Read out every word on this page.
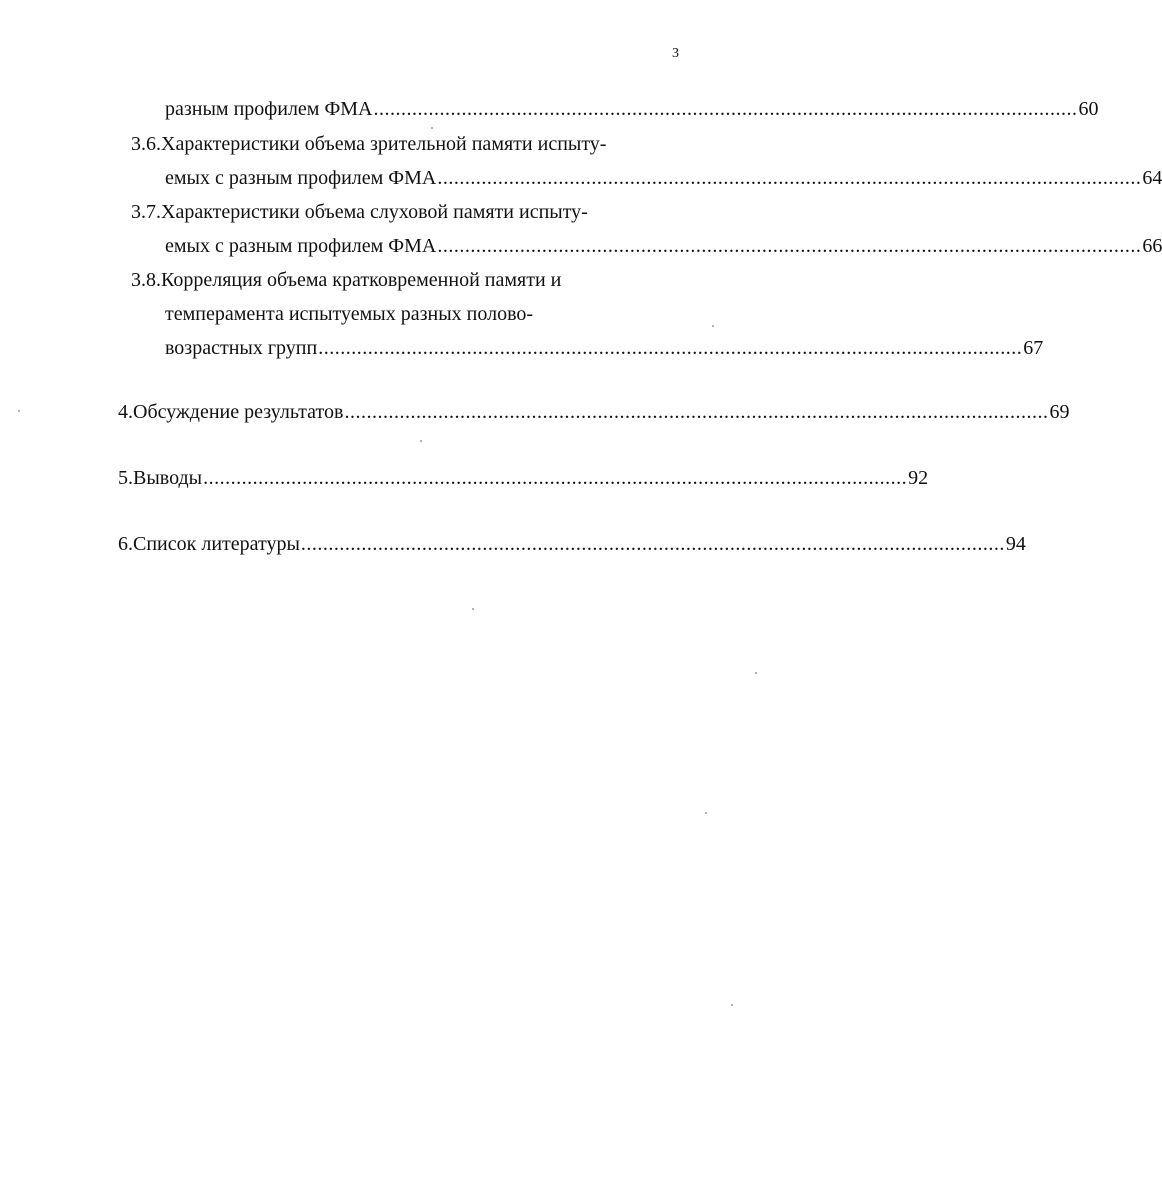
3
разным профилем ФМА ................................................................................................................................ 60
3.6.Характеристики объема зрительной памяти испыту-
емых с разным профилем ФМА ................................................................................................................................ 64
3.7.Характеристики объема слуховой памяти испыту-
емых с разным профилем ФМА ................................................................................................................................ 66
3.8.Корреляция объема кратковременной памяти и
темперамента испытуемых разных полово-
возрастных групп ................................................................................................................................ 67
4.Обсуждение результатов ................................................................................................................................ 69
5.Выводы ................................................................................................................................ 92
6.Список литературы ................................................................................................................................ 94
